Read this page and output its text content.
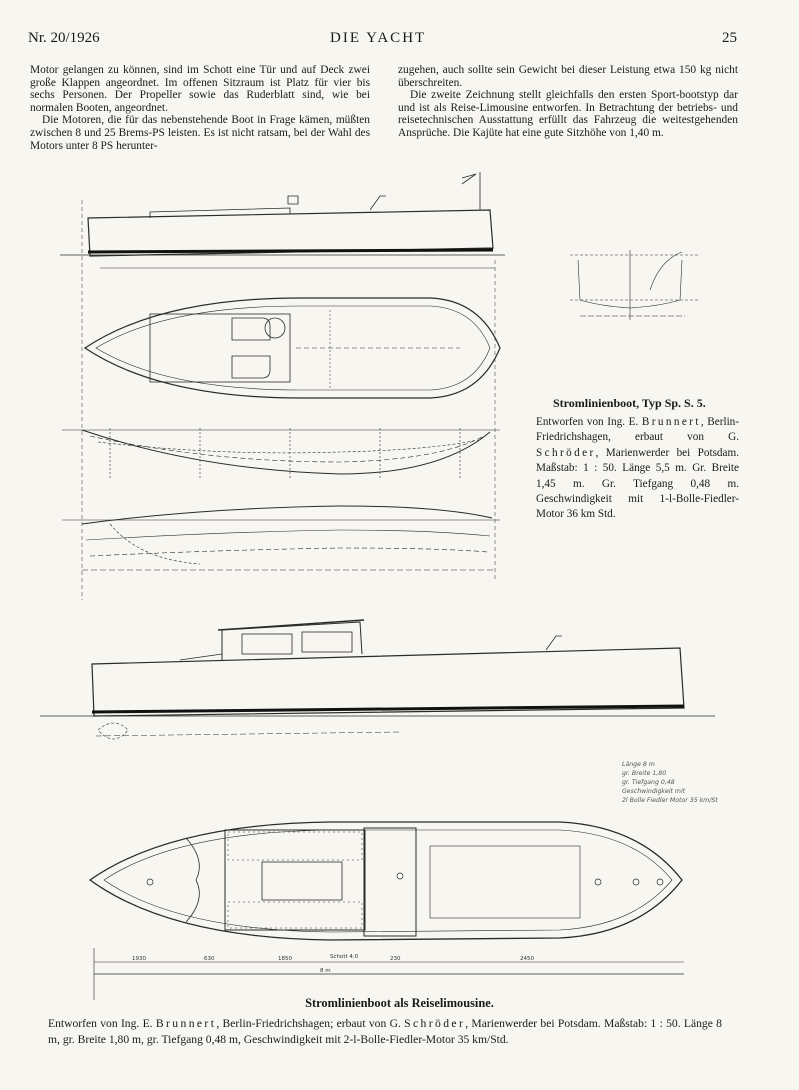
Nr. 20/1926	DIE YACHT	25

Motor gelangen zu können, sind im Schott eine Tür und auf Deck zwei große Klappen angeordnet. Im offenen Sitzraum ist Platz für vier bis sechs Personen. Der Propeller sowie das Ruderblatt sind, wie bei normalen Booten, angeordnet.

Die Motoren, die für das nebenstehende Boot in Frage kämen, müßten zwischen 8 und 25 Brems-PS leisten. Es ist nicht ratsam, bei der Wahl des Motors unter 8 PS herunter-

zugehen, auch sollte sein Gewicht bei dieser Leistung etwa 150 kg nicht überschreiten.

Die zweite Zeichnung stellt gleichfalls den ersten Sport-bootstyp dar und ist als Reise-Limousine entworfen. In Betrachtung der betriebs- und reisetechnischen Ausstattung erfüllt das Fahrzeug die weitestgehenden Ansprüche. Die Kajüte hat eine gute Sitzhöhe von 1,40 m.

1930	630	1850	Schott 4.0	230	2450
8 m
Länge 8 m
gr. Breite 1,80
gr. Tiefgang 0,48
Geschwindigkeit mit
2l Bolle Fiedler Motor 35 km/St
Stromlinienboot, Typ Sp. S. 5.
Entworfen von Ing. E. Brunnert, Berlin-Friedrichshagen, erbaut von G. Schröder, Marienwerder bei Potsdam. Maßstab: 1 : 50. Länge 5,5 m. Gr. Breite 1,45 m. Gr. Tiefgang 0,48 m. Geschwindigkeit mit 1-l-Bolle-Fiedler-Motor 36 km Std.
Stromlinienboot als Reiselimousine.
Entworfen von Ing. E. Brunnert, Berlin-Friedrichshagen; erbaut von G. Schröder, Marienwerder bei Potsdam. Maßstab: 1 : 50. Länge 8 m, gr. Breite 1,80 m, gr. Tiefgang 0,48 m, Geschwindigkeit mit 2-l-Bolle-Fiedler-Motor 35 km/Std.
